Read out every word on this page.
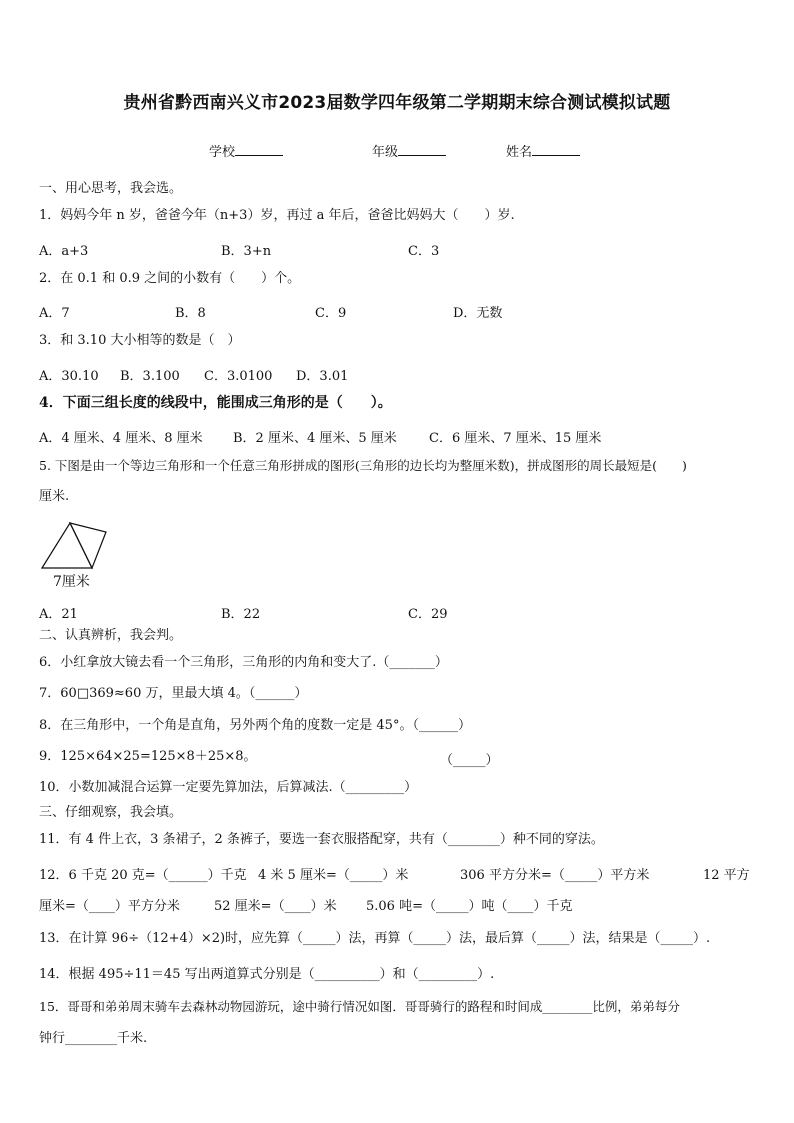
贵州省黔西南兴义市2023届数学四年级第二学期期末综合测试模拟试题
学校	年级	姓名
一、用心思考，我会选。
1．妈妈今年 n 岁，爸爸今年（n+3）岁，再过 a 年后，爸爸比妈妈大（　　）岁.
A．a+3	B．3+n	C．3
2．在 0.1 和 0.9 之间的小数有（　　）个。
A．7	B．8	C．9	D．无数
3．和 3.10 大小相等的数是（　）
A．30.10 B．3.100 C．3.0100 D．3.01
4．下面三组长度的线段中，能围成三角形的是（　　）。
A．4 厘米、4 厘米、8 厘米 B．2 厘米、4 厘米、5 厘米 C．6 厘米、7 厘米、15 厘米
5. 下图是由一个等边三角形和一个任意三角形拼成的图形(三角形的边长均为整厘米数)，拼成图形的周长最短是(　　)
厘米.
7厘米
A．21	B．22	C．29
二、认真辨析，我会判。
6．小红拿放大镜去看一个三角形，三角形的内角和变大了.（_______）
7．60□369≈60 万，里最大填 4。（______）
8．在三角形中，一个角是直角，另外两个角的度数一定是 45°。（______）
9．125×64×25=125×8＋25×8。	（_____）
10．小数加减混合运算一定要先算加法，后算减法.（_________）
三、仔细观察，我会填。
11．有 4 件上衣，3 条裙子，2 条裤子，要选一套衣服搭配穿，共有（________）种不同的穿法。
12．6 千克 20 克=（______）千克 4 米 5 厘米=（_____）米	306 平方分米=（_____）平方米	12 平方
厘米=（____）平方分米	52 厘米=（____）米 5.06 吨=（_____）吨（____）千克
13．在计算 96÷（12+4）×2)时，应先算（_____）法，再算（_____）法，最后算（_____）法，结果是（_____）.
14．根据 495÷11＝45 写出两道算式分别是（__________）和（_________）.
15．哥哥和弟弟周末骑车去森林动物园游玩，途中骑行情况如图．哥哥骑行的路程和时间成________比例，弟弟每分
钟行________千米.
